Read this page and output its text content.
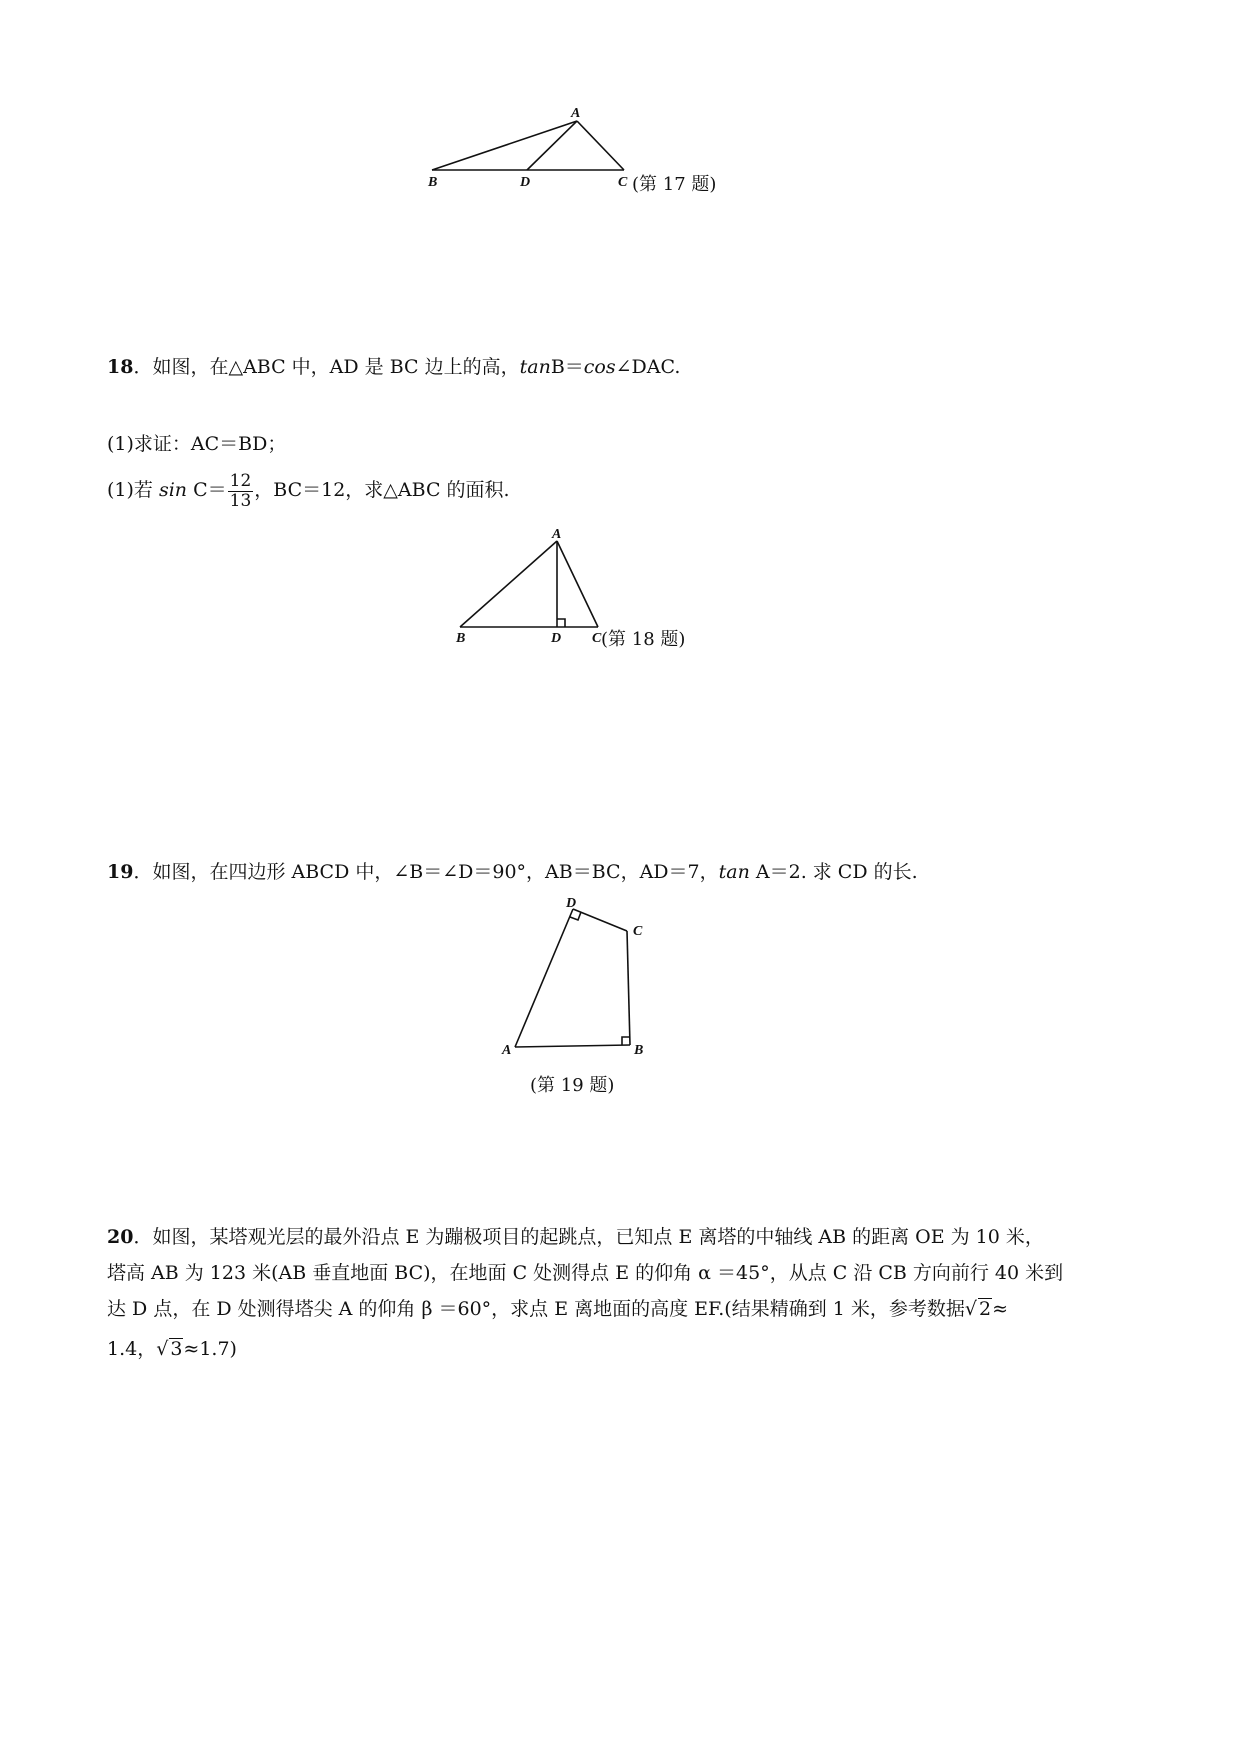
A
B	D	C (第 17 题)
18．如图，在△ABC 中，AD 是 BC 边上的高，tanB＝cos∠DAC.
(1)求证：AC＝BD；
(1)若 $\sin C= \frac{12}{13}$ ，BC＝12，求△ABC 的面积.
A
B	D C (第 18 题)
19．如图，在四边形 ABCD 中，∠B＝∠D＝90°，AB＝BC，AD＝7，tan A＝2. 求 CD 的长.
D
C
A	B
(第 19 题)
20．如图，某塔观光层的最外沿点 E 为蹦极项目的起跳点，已知点 E 离塔的中轴线 AB 的距离 OE 为 10 米，
塔高 AB 为 123 米(AB 垂直地面 BC)，在地面 C 处测得点 E 的仰角 α ＝45°，从点 C 沿 CB 方向前行 40 米到
达 D 点，在 D 处测得塔尖 A 的仰角 β ＝60°，求点 E 离地面的高度 EF.(结果精确到 1 米，参考数据√ 2≈
1.4，√ 3≈1.7)
